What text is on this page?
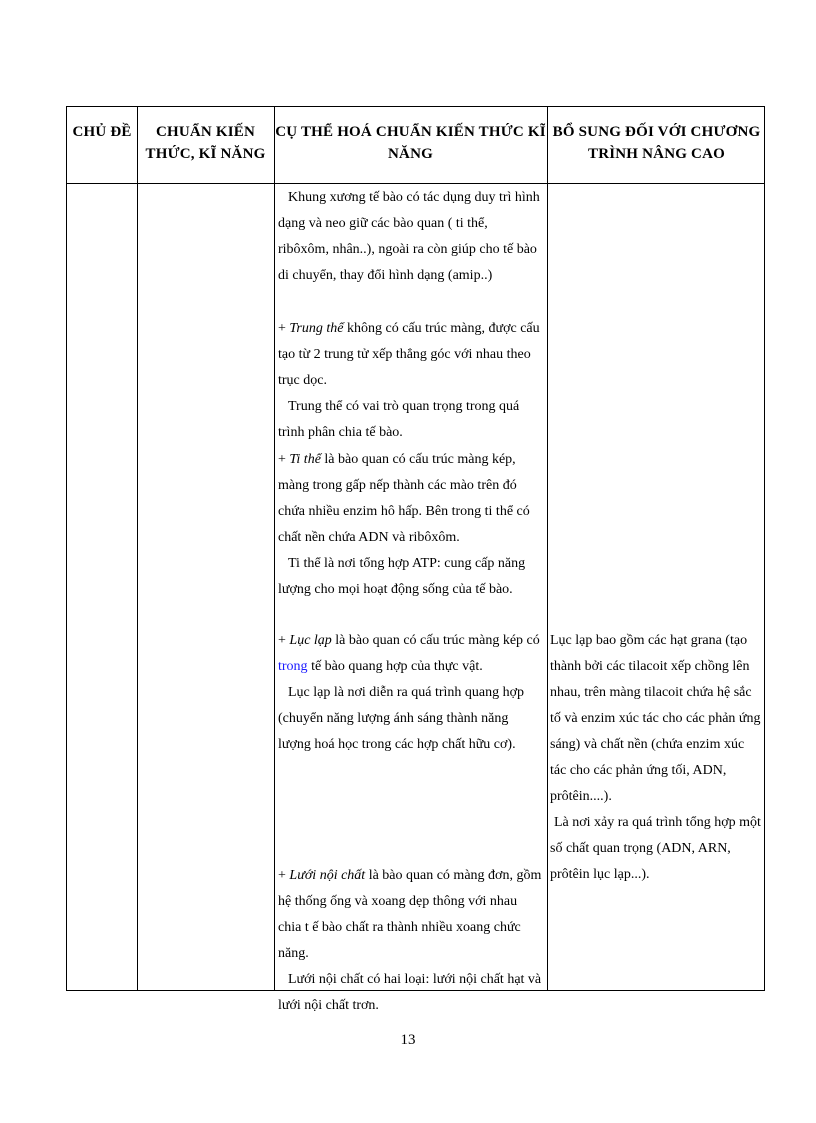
CHỦ ĐỀ	CHUẨN KIẾN THỨC, KĨ NĂNG
CỤ THỂ HOÁ CHUẨN KIẾN THỨC KĨ NĂNG
BỔ SUNG ĐỐI VỚI CHƯƠNG TRÌNH NÂNG CAO

Khung xương tế bào có tác dụng duy trì hình dạng và neo giữ các bào quan ( ti thể, ribôxôm, nhân..), ngoài ra còn giúp cho tế bào di chuyển, thay đổi hình dạng (amip..)

+ Trung thể không có cấu trúc màng, được cấu tạo từ 2 trung tử xếp thẳng góc với nhau theo trục dọc.

Trung thể có vai trò quan trọng trong quá trình phân chia tế bào.

+ Ti thể là bào quan có cấu trúc màng kép, màng trong gấp nếp thành các mào trên đó chứa nhiều enzim hô hấp. Bên trong ti thể có chất nền chứa ADN và ribôxôm.

Ti thể là nơi tổng hợp ATP: cung cấp năng lượng cho mọi hoạt động sống của tế bào.

+ Lục lạp là bào quan có cấu trúc màng kép có trong tế bào quang hợp của thực vật.

Lục lạp là nơi diễn ra quá trình quang hợp (chuyển năng lượng ánh sáng thành năng lượng hoá học trong các hợp chất hữu cơ).

+ Lưới nội chất là bào quan có màng đơn, gồm hệ thống ống và xoang dẹp thông với nhau chia t ế bào chất ra thành nhiều xoang chức năng.

Lưới nội chất có hai loại: lưới nội chất hạt và lưới nội chất trơn.

Lục lạp bao gồm các hạt grana (tạo thành bởi các tilacoit xếp chồng lên nhau, trên màng tilacoit chứa hệ sắc tố và enzim xúc tác cho các phản ứng sáng) và chất nền (chứa enzim xúc tác cho các phản ứng tối, ADN, prôtêin....).

Là nơi xảy ra quá trình tổng hợp một số chất quan trọng (ADN, ARN, prôtêin lục lạp...).

13
